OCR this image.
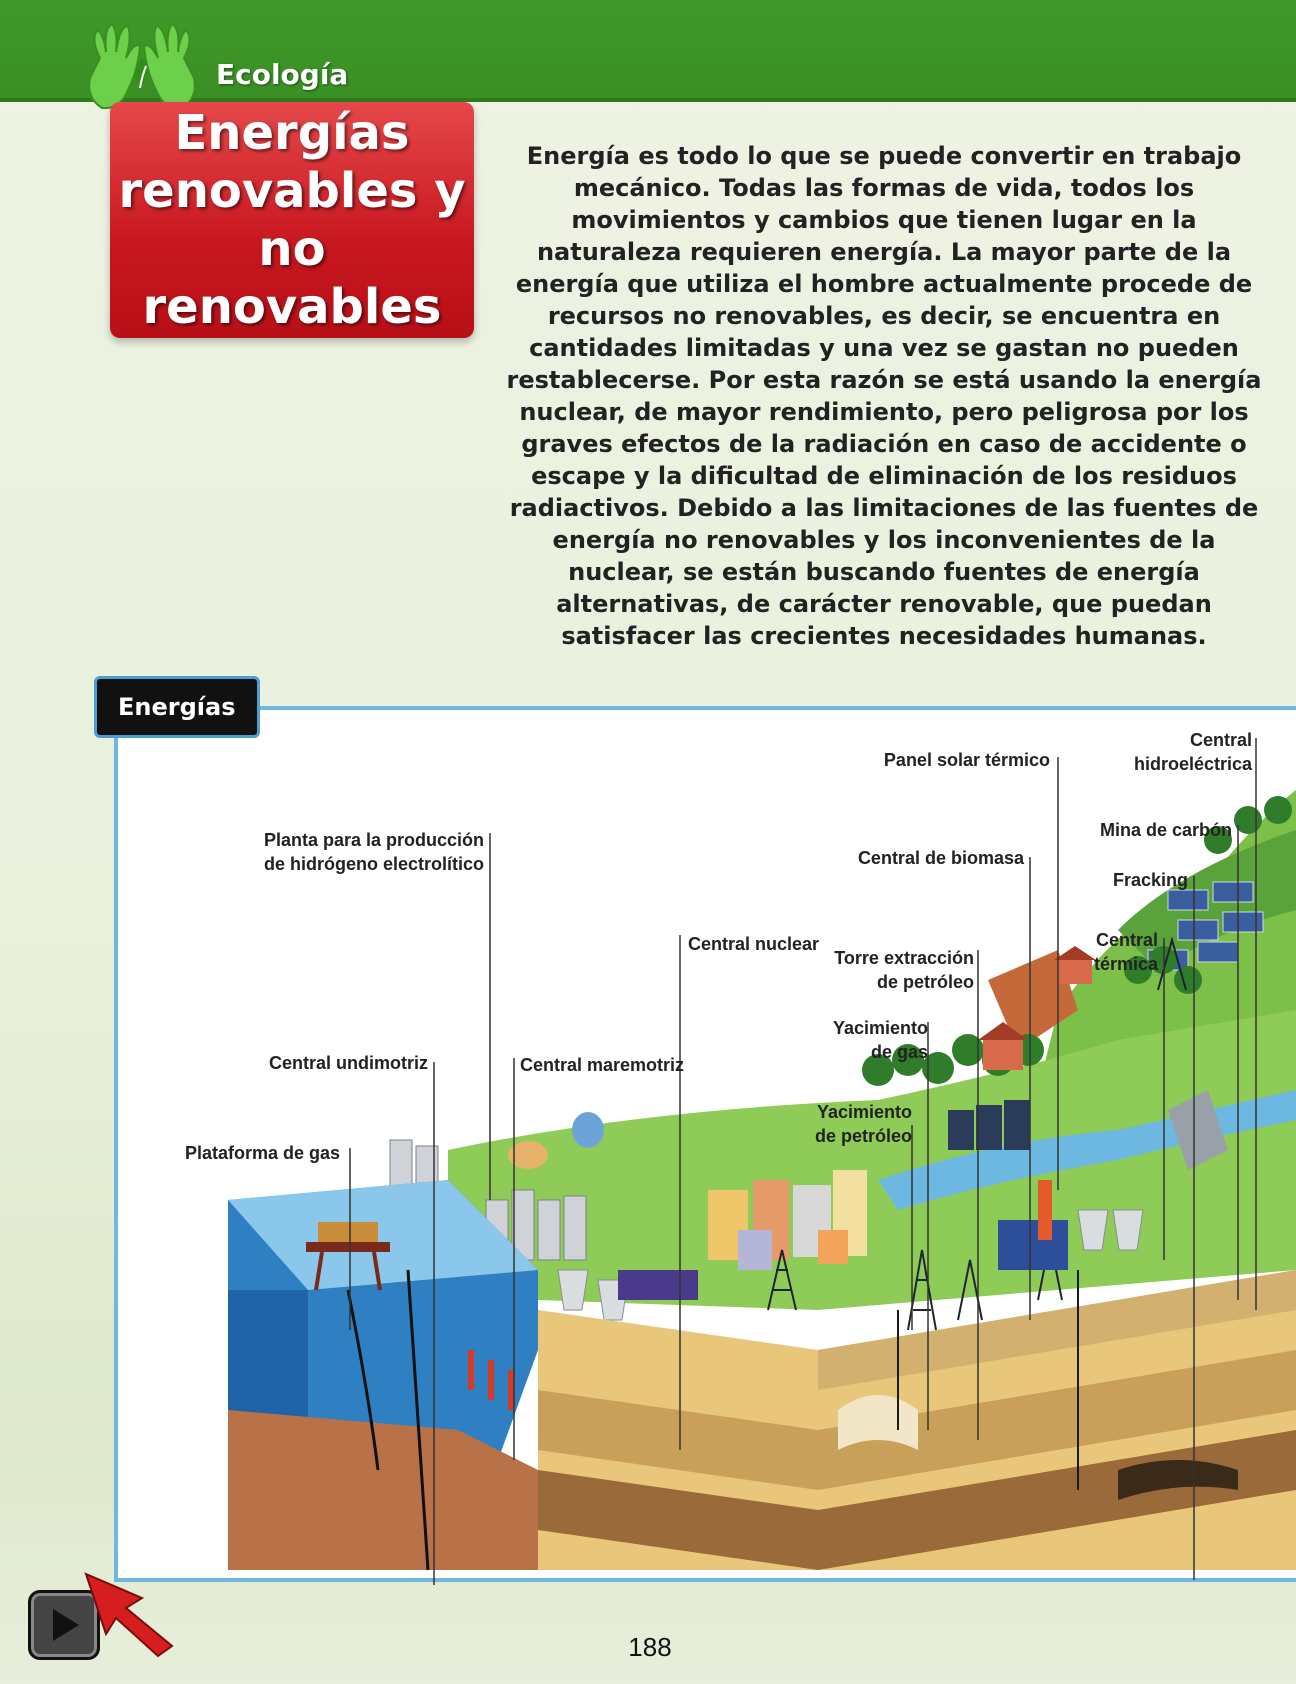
Ecología
Energías
renovables y
no renovables
Energía es todo lo que se puede convertir en trabajo mecánico. Todas las formas de vida, todos los movimientos y cambios que tienen lugar en la naturaleza requieren energía. La mayor parte de la energía que utiliza el hombre actualmente procede de recursos no renovables, es decir, se encuentra en cantidades limitadas y una vez se gastan no pueden restablecerse. Por esta razón se está usando la energía nuclear, de mayor rendimiento, pero peligrosa por los graves efectos de la radiación en caso de accidente o escape y la dificultad de eliminación de los residuos radiactivos. Debido a las limitaciones de las fuentes de energía no renovables y los inconvenientes de la nuclear, se están buscando fuentes de energía alternativas, de carácter renovable, que puedan satisfacer las crecientes necesidades humanas.
Energías
Plataforma de gas
Central undimotriz
Planta para la producción
de hidrógeno electrolítico
Central maremotriz
Central nuclear
Yacimiento
de petróleo
Yacimiento
de gas
Torre extracción
de petróleo
Central de biomasa
Panel solar térmico
Central
térmica
Fracking
Mina de carbón
Central
hidroeléctrica
188
